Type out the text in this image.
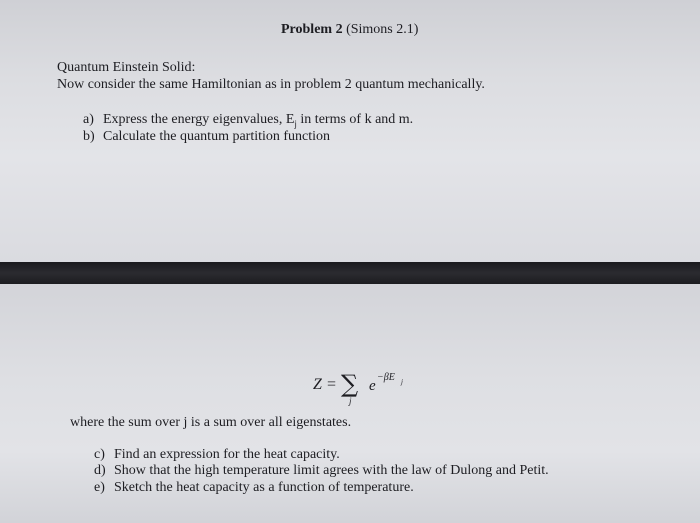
Problem 2 (Simons 2.1)
Quantum Einstein Solid:
Now consider the same Hamiltonian as in problem 2 quantum mechanically.
a) Express the energy eigenvalues, $E_j$ in terms of k and m.
b) Calculate the quantum partition function
Z = ∑
j
e
−βE j
where the sum over j is a sum over all eigenstates.
c) Find an expression for the heat capacity.
d) Show that the high temperature limit agrees with the law of Dulong and Petit.
e) Sketch the heat capacity as a function of temperature.
